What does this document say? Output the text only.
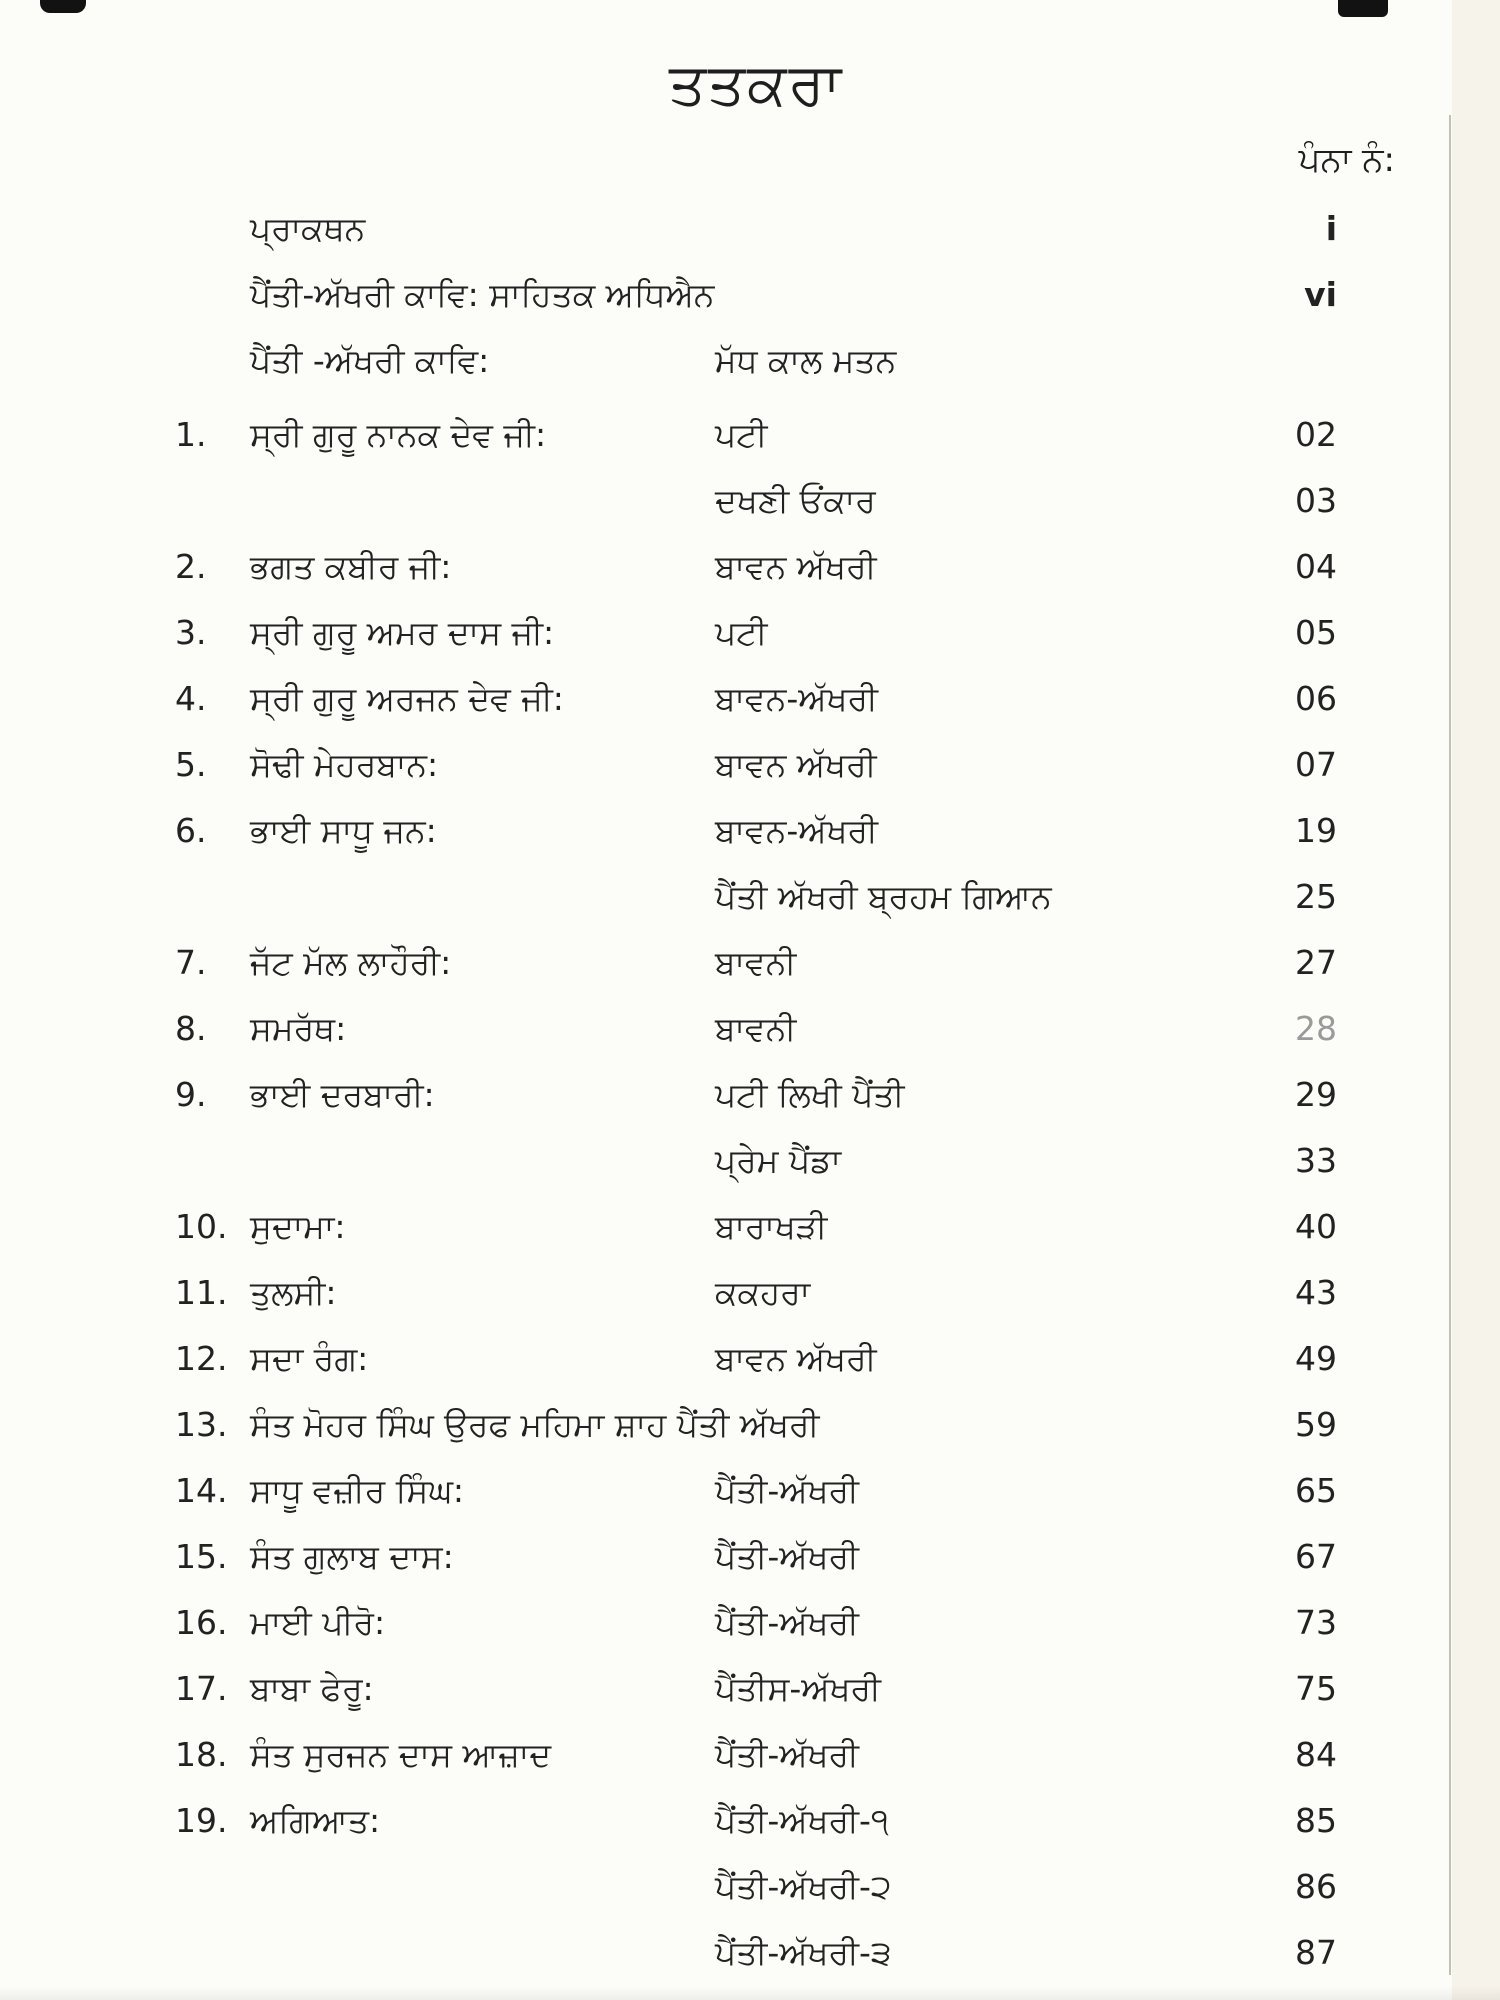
ਤਤਕਰਾ
ਪੰਨਾ ਨੰ:
ਪ੍ਰਾਕਥਨ	i
ਪੈਂਤੀ-ਅੱਖਰੀ ਕਾਵਿ: ਸਾਹਿਤਕ ਅਧਿਐਨ	vi
ਪੈਂਤੀ -ਅੱਖਰੀ ਕਾਵਿ:	ਮੱਧ ਕਾਲ ਮਤਨ
1.	ਸ੍ਰੀ ਗੁਰੂ ਨਾਨਕ ਦੇਵ ਜੀ:	ਪਟੀ	02
ਦਖਣੀ ਓਂਕਾਰ	03
2.	ਭਗਤ ਕਬੀਰ ਜੀ:	ਬਾਵਨ ਅੱਖਰੀ	04
3.	ਸ੍ਰੀ ਗੁਰੂ ਅਮਰ ਦਾਸ ਜੀ:	ਪਟੀ	05
4.	ਸ੍ਰੀ ਗੁਰੂ ਅਰਜਨ ਦੇਵ ਜੀ:	ਬਾਵਨ-ਅੱਖਰੀ	06
5.	ਸੋਢੀ ਮੇਹਰਬਾਨ:	ਬਾਵਨ ਅੱਖਰੀ	07
6.	ਭਾਈ ਸਾਧੂ ਜਨ:	ਬਾਵਨ-ਅੱਖਰੀ	19
ਪੈਂਤੀ ਅੱਖਰੀ ਬ੍ਰਹਮ ਗਿਆਨ	25
7.	ਜੱਟ ਮੱਲ ਲਾਹੌਰੀ:	ਬਾਵਨੀ	27
8.	ਸਮਰੱਥ:	ਬਾਵਨੀ	28
9.	ਭਾਈ ਦਰਬਾਰੀ:	ਪਟੀ ਲਿਖੀ ਪੈਂਤੀ	29
ਪ੍ਰੇਮ ਪੈਂਡਾ	33
10. ਸੁਦਾਮਾ:	ਬਾਰਾਖੜੀ	40
11. ਤੁਲਸੀ:	ਕਕਹਰਾ	43
12. ਸਦਾ ਰੰਗ:	ਬਾਵਨ ਅੱਖਰੀ	49
13. ਸੰਤ ਮੋਹਰ ਸਿੰਘ ਉਰਫ ਮਹਿਮਾ ਸ਼ਾਹ ਪੈਂਤੀ ਅੱਖਰੀ	59
14. ਸਾਧੂ ਵਜ਼ੀਰ ਸਿੰਘ:	ਪੈਂਤੀ-ਅੱਖਰੀ	65
15. ਸੰਤ ਗੁਲਾਬ ਦਾਸ:	ਪੈਂਤੀ-ਅੱਖਰੀ	67
16. ਮਾਈ ਪੀਰੋ:	ਪੈਂਤੀ-ਅੱਖਰੀ	73
17. ਬਾਬਾ ਫੇਰੂ:	ਪੈਂਤੀਸ-ਅੱਖਰੀ	75
18. ਸੰਤ ਸੁਰਜਨ ਦਾਸ ਆਜ਼ਾਦ	ਪੈਂਤੀ-ਅੱਖਰੀ	84
19. ਅਗਿਆਤ:	ਪੈਂਤੀ-ਅੱਖਰੀ-੧	85
ਪੈਂਤੀ-ਅੱਖਰੀ-੨	86
ਪੈਂਤੀ-ਅੱਖਰੀ-੩	87
